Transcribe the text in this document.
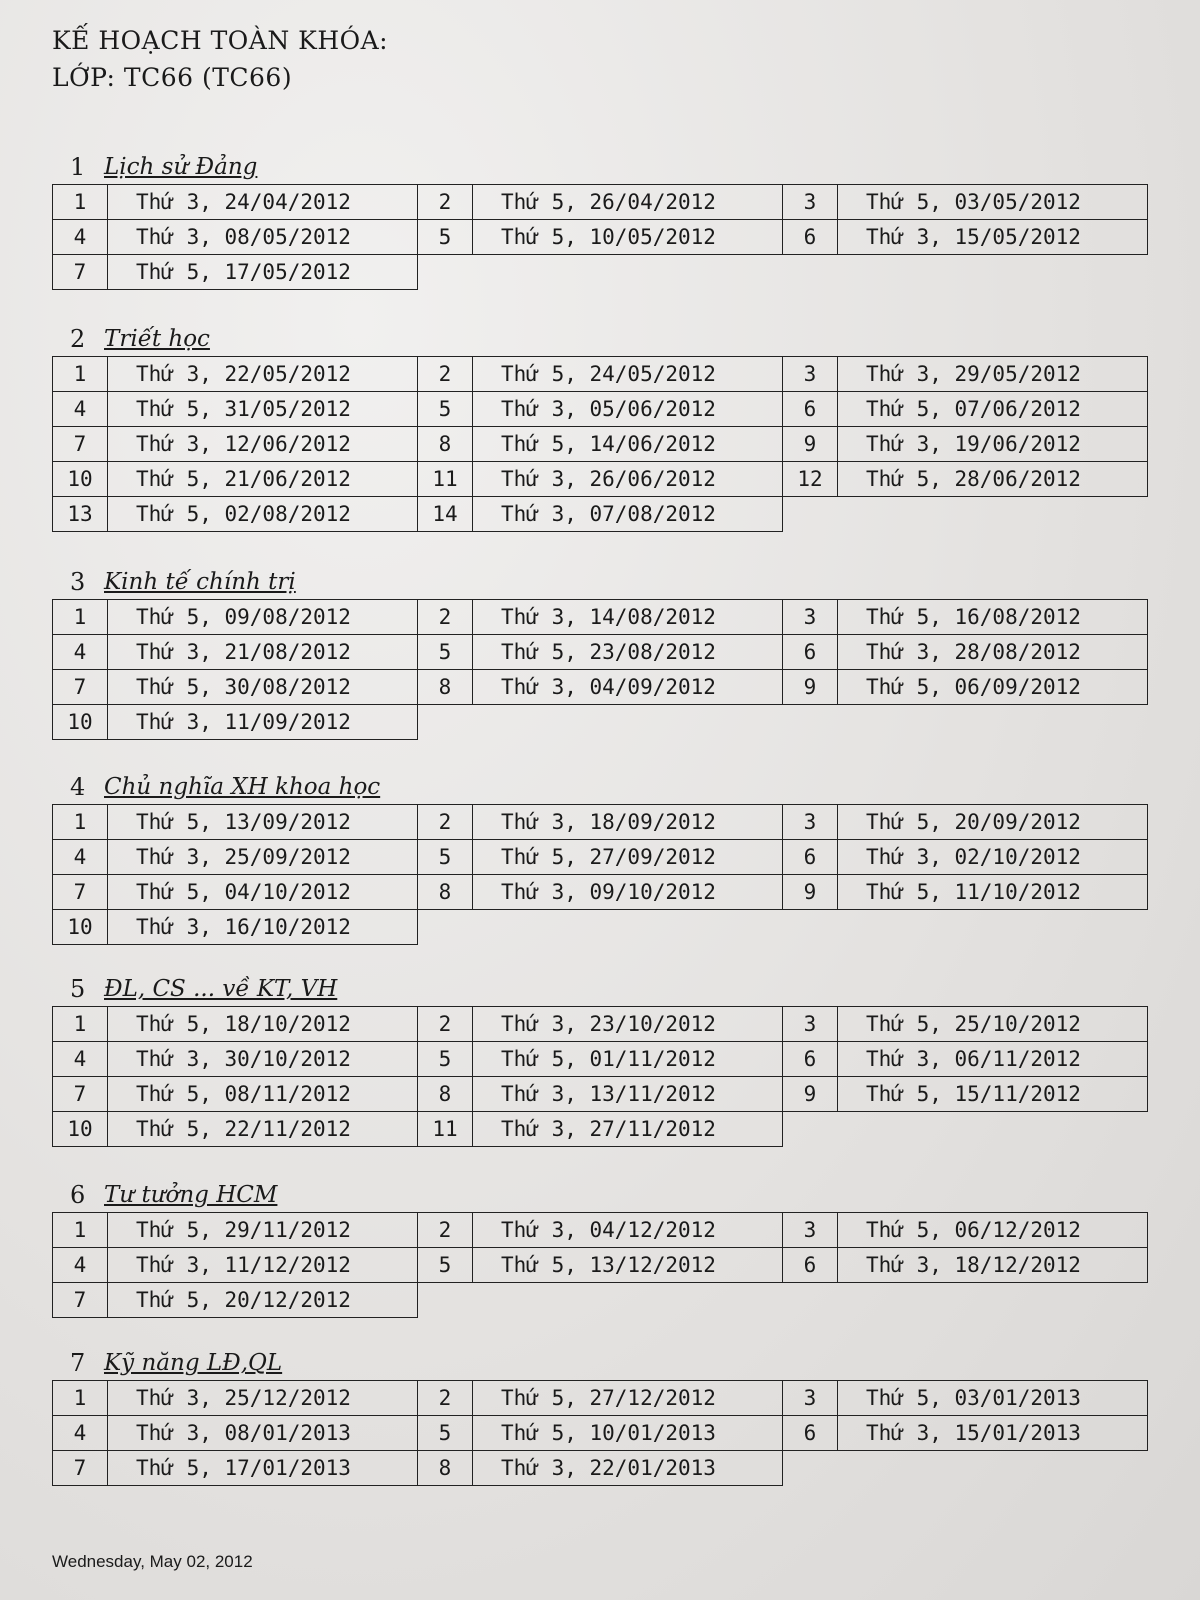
KẾ HOẠCH TOÀN KHÓA:
LỚP: TC66 (TC66)
1 Lịch sử Đảng
1	Thứ 3, 24/04/2012	2	Thứ 5, 26/04/2012	3	Thứ 5, 03/05/2012
4	Thứ 3, 08/05/2012	5	Thứ 5, 10/05/2012	6	Thứ 3, 15/05/2012
7	Thứ 5, 17/05/2012				
2 Triết học
1	Thứ 3, 22/05/2012	2	Thứ 5, 24/05/2012	3	Thứ 3, 29/05/2012
4	Thứ 5, 31/05/2012	5	Thứ 3, 05/06/2012	6	Thứ 5, 07/06/2012
7	Thứ 3, 12/06/2012	8	Thứ 5, 14/06/2012	9	Thứ 3, 19/06/2012
10	Thứ 5, 21/06/2012	11	Thứ 3, 26/06/2012	12	Thứ 5, 28/06/2012
13	Thứ 5, 02/08/2012	14	Thứ 3, 07/08/2012		
3 Kinh tế chính trị
1	Thứ 5, 09/08/2012	2	Thứ 3, 14/08/2012	3	Thứ 5, 16/08/2012
4	Thứ 3, 21/08/2012	5	Thứ 5, 23/08/2012	6	Thứ 3, 28/08/2012
7	Thứ 5, 30/08/2012	8	Thứ 3, 04/09/2012	9	Thứ 5, 06/09/2012
10	Thứ 3, 11/09/2012				
4 Chủ nghĩa XH khoa học
1	Thứ 5, 13/09/2012	2	Thứ 3, 18/09/2012	3	Thứ 5, 20/09/2012
4	Thứ 3, 25/09/2012	5	Thứ 5, 27/09/2012	6	Thứ 3, 02/10/2012
7	Thứ 5, 04/10/2012	8	Thứ 3, 09/10/2012	9	Thứ 5, 11/10/2012
10	Thứ 3, 16/10/2012				
5 ĐL, CS ... về KT, VH
1	Thứ 5, 18/10/2012	2	Thứ 3, 23/10/2012	3	Thứ 5, 25/10/2012
4	Thứ 3, 30/10/2012	5	Thứ 5, 01/11/2012	6	Thứ 3, 06/11/2012
7	Thứ 5, 08/11/2012	8	Thứ 3, 13/11/2012	9	Thứ 5, 15/11/2012
10	Thứ 5, 22/11/2012	11	Thứ 3, 27/11/2012		
6 Tư tưởng HCM
1	Thứ 5, 29/11/2012	2	Thứ 3, 04/12/2012	3	Thứ 5, 06/12/2012
4	Thứ 3, 11/12/2012	5	Thứ 5, 13/12/2012	6	Thứ 3, 18/12/2012
7	Thứ 5, 20/12/2012				
7 Kỹ năng LĐ,QL
1	Thứ 3, 25/12/2012	2	Thứ 5, 27/12/2012	3	Thứ 5, 03/01/2013
4	Thứ 3, 08/01/2013	5	Thứ 5, 10/01/2013	6	Thứ 3, 15/01/2013
7	Thứ 5, 17/01/2013	8	Thứ 3, 22/01/2013		
Wednesday, May 02, 2012
